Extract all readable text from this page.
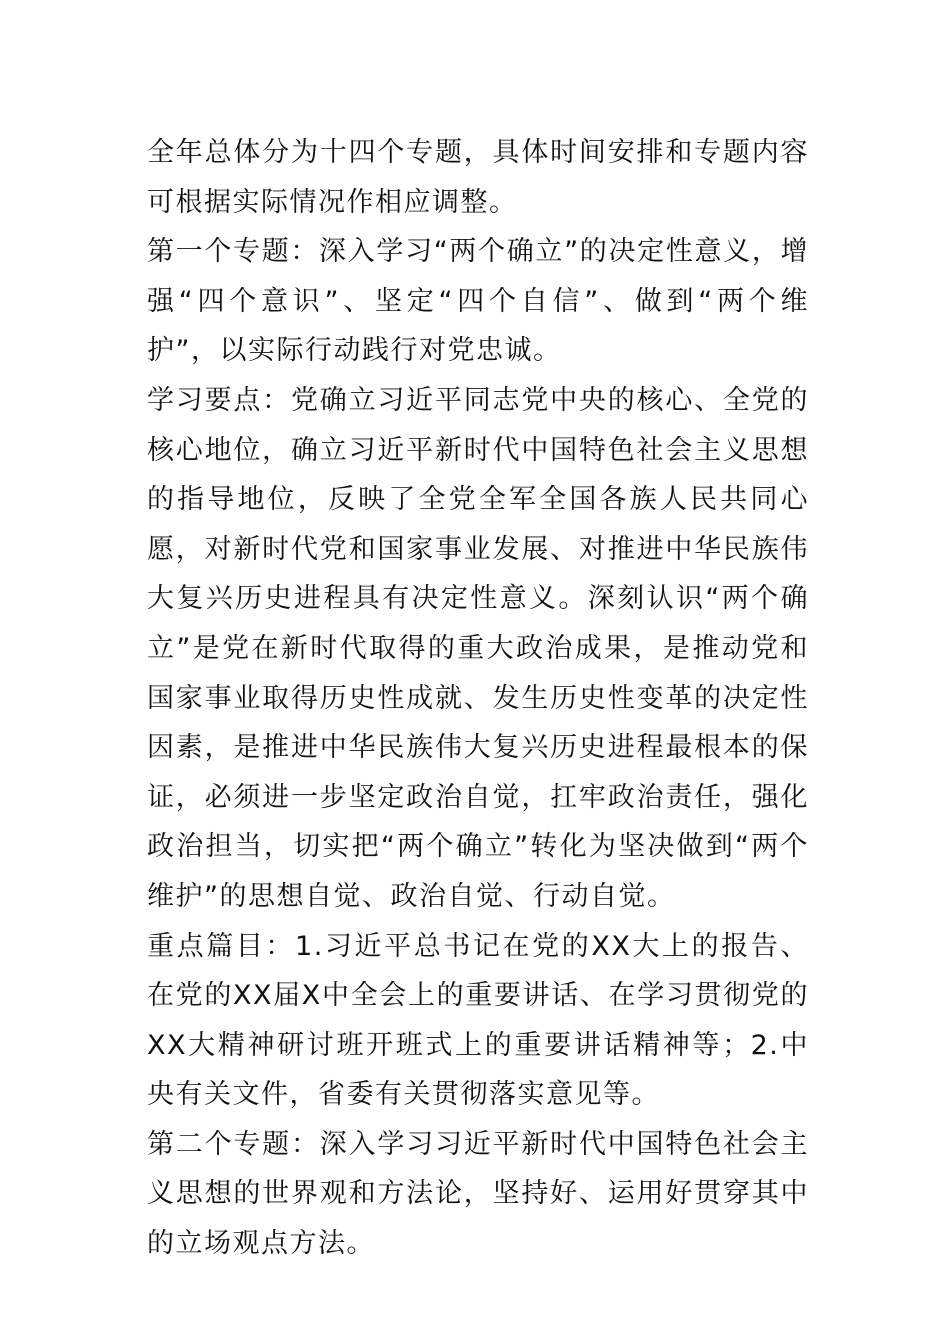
全年总体分为十四个专题，具体时间安排和专题内容可根据实际情况作相应调整。

第一个专题：深入学习“两个确立”的决定性意义，增强“四个意识”、坚定“四个自信”、做到“两个维护”，以实际行动践行对党忠诚。

学习要点：党确立习近平同志党中央的核心、全党的核心地位，确立习近平新时代中国特色社会主义思想的指导地位，反映了全党全军全国各族人民共同心愿，对新时代党和国家事业发展、对推进中华民族伟大复兴历史进程具有决定性意义。深刻认识“两个确立”是党在新时代取得的重大政治成果，是推动党和国家事业取得历史性成就、发生历史性变革的决定性因素，是推进中华民族伟大复兴历史进程最根本的保证，必须进一步坚定政治自觉，扛牢政治责任，强化政治担当，切实把“两个确立”转化为坚决做到“两个维护”的思想自觉、政治自觉、行动自觉。

重点篇目：1.习近平总书记在党的XX大上的报告、在党的XX届X中全会上的重要讲话、在学习贯彻党的XX大精神研讨班开班式上的重要讲话精神等；2.中央有关文件，省委有关贯彻落实意见等。

第二个专题：深入学习习近平新时代中国特色社会主义思想的世界观和方法论，坚持好、运用好贯穿其中的立场观点方法。
